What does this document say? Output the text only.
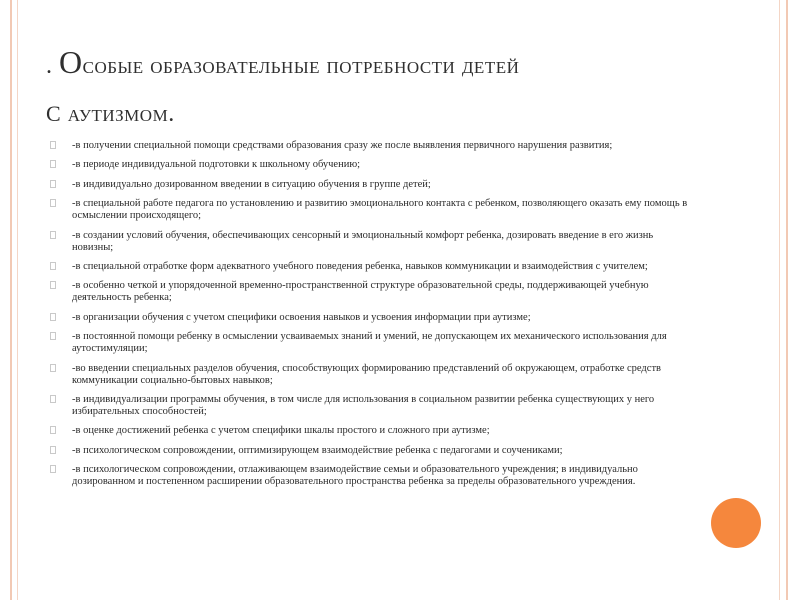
. Особые образовательные потребности детей
с аутизмом.
-в получении специальной помощи средствами образования сразу же после выявления первичного нарушения развития;
-в периоде индивидуальной подготовки к школьному обучению;
-в индивидуально дозированном введении в ситуацию обучения в группе детей;
-в специальной работе педагога по установлению и развитию эмоционального контакта с ребенком, позволяющего оказать ему помощь в осмыслении происходящего;
-в создании условий обучения, обеспечивающих сенсорный и эмоциональный комфорт ребенка, дозировать введение в его жизнь новизны;
-в специальной отработке форм адекватного учебного поведения ребенка, навыков коммуникации и взаимодействия с учителем;
-в особенно четкой и упорядоченной временно-пространственной структуре образовательной среды, поддерживающей учебную деятельность ребенка;
-в организации обучения с учетом специфики освоения навыков и усвоения информации при аутизме;
-в постоянной помощи ребенку в осмыслении усваиваемых знаний и умений, не допускающем их механического использования для аутостимуляции;
-во введении специальных разделов обучения, способствующих формированию представлений об окружающем, отработке средств коммуникации социально-бытовых навыков;
-в индивидуализации программы обучения, в том числе для использования в социальном развитии ребенка существующих у него избирательных способностей;
-в оценке достижений ребенка с учетом специфики шкалы простого и сложного при аутизме;
-в психологическом сопровождении, оптимизирующем взаимодействие ребенка с педагогами и соучениками;
-в психологическом сопровождении, отлаживающем взаимодействие семьи и образовательного учреждения; в индивидуально дозированном и постепенном расширении образовательного пространства ребенка за пределы образовательного учреждения.
